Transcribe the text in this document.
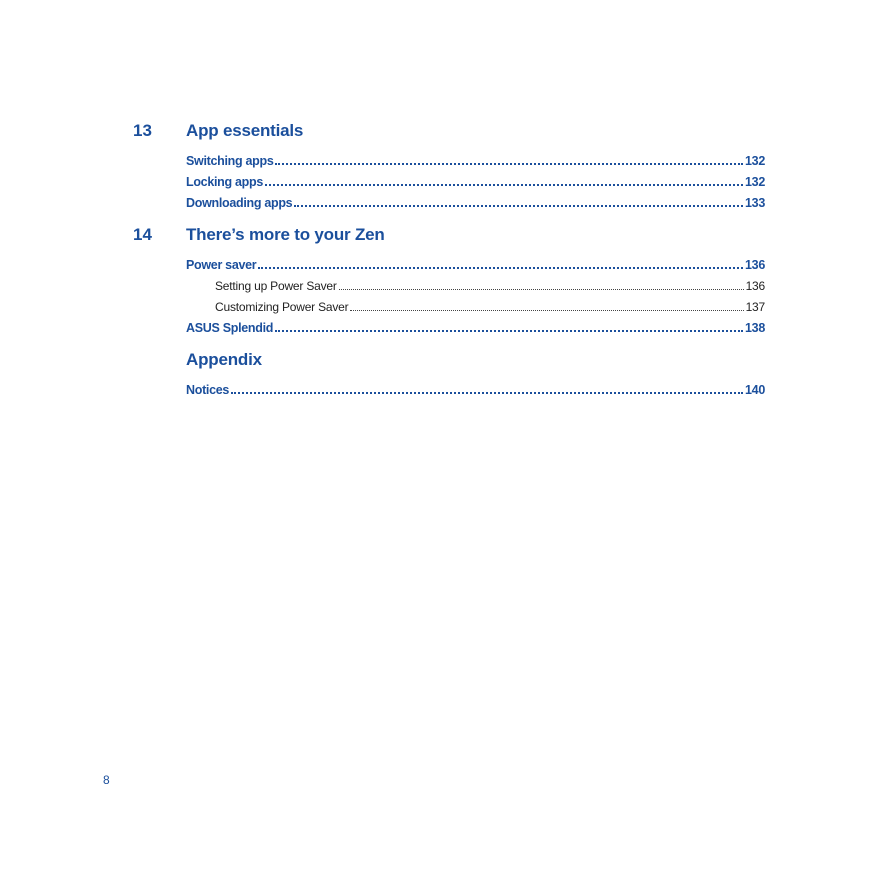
13 App essentials
Switching apps	132
Locking apps	132
Downloading apps	133
14 There’s more to your Zen
Power saver	136
Setting up Power Saver	136
Customizing Power Saver	137
ASUS Splendid	138
Appendix
Notices	140
8
